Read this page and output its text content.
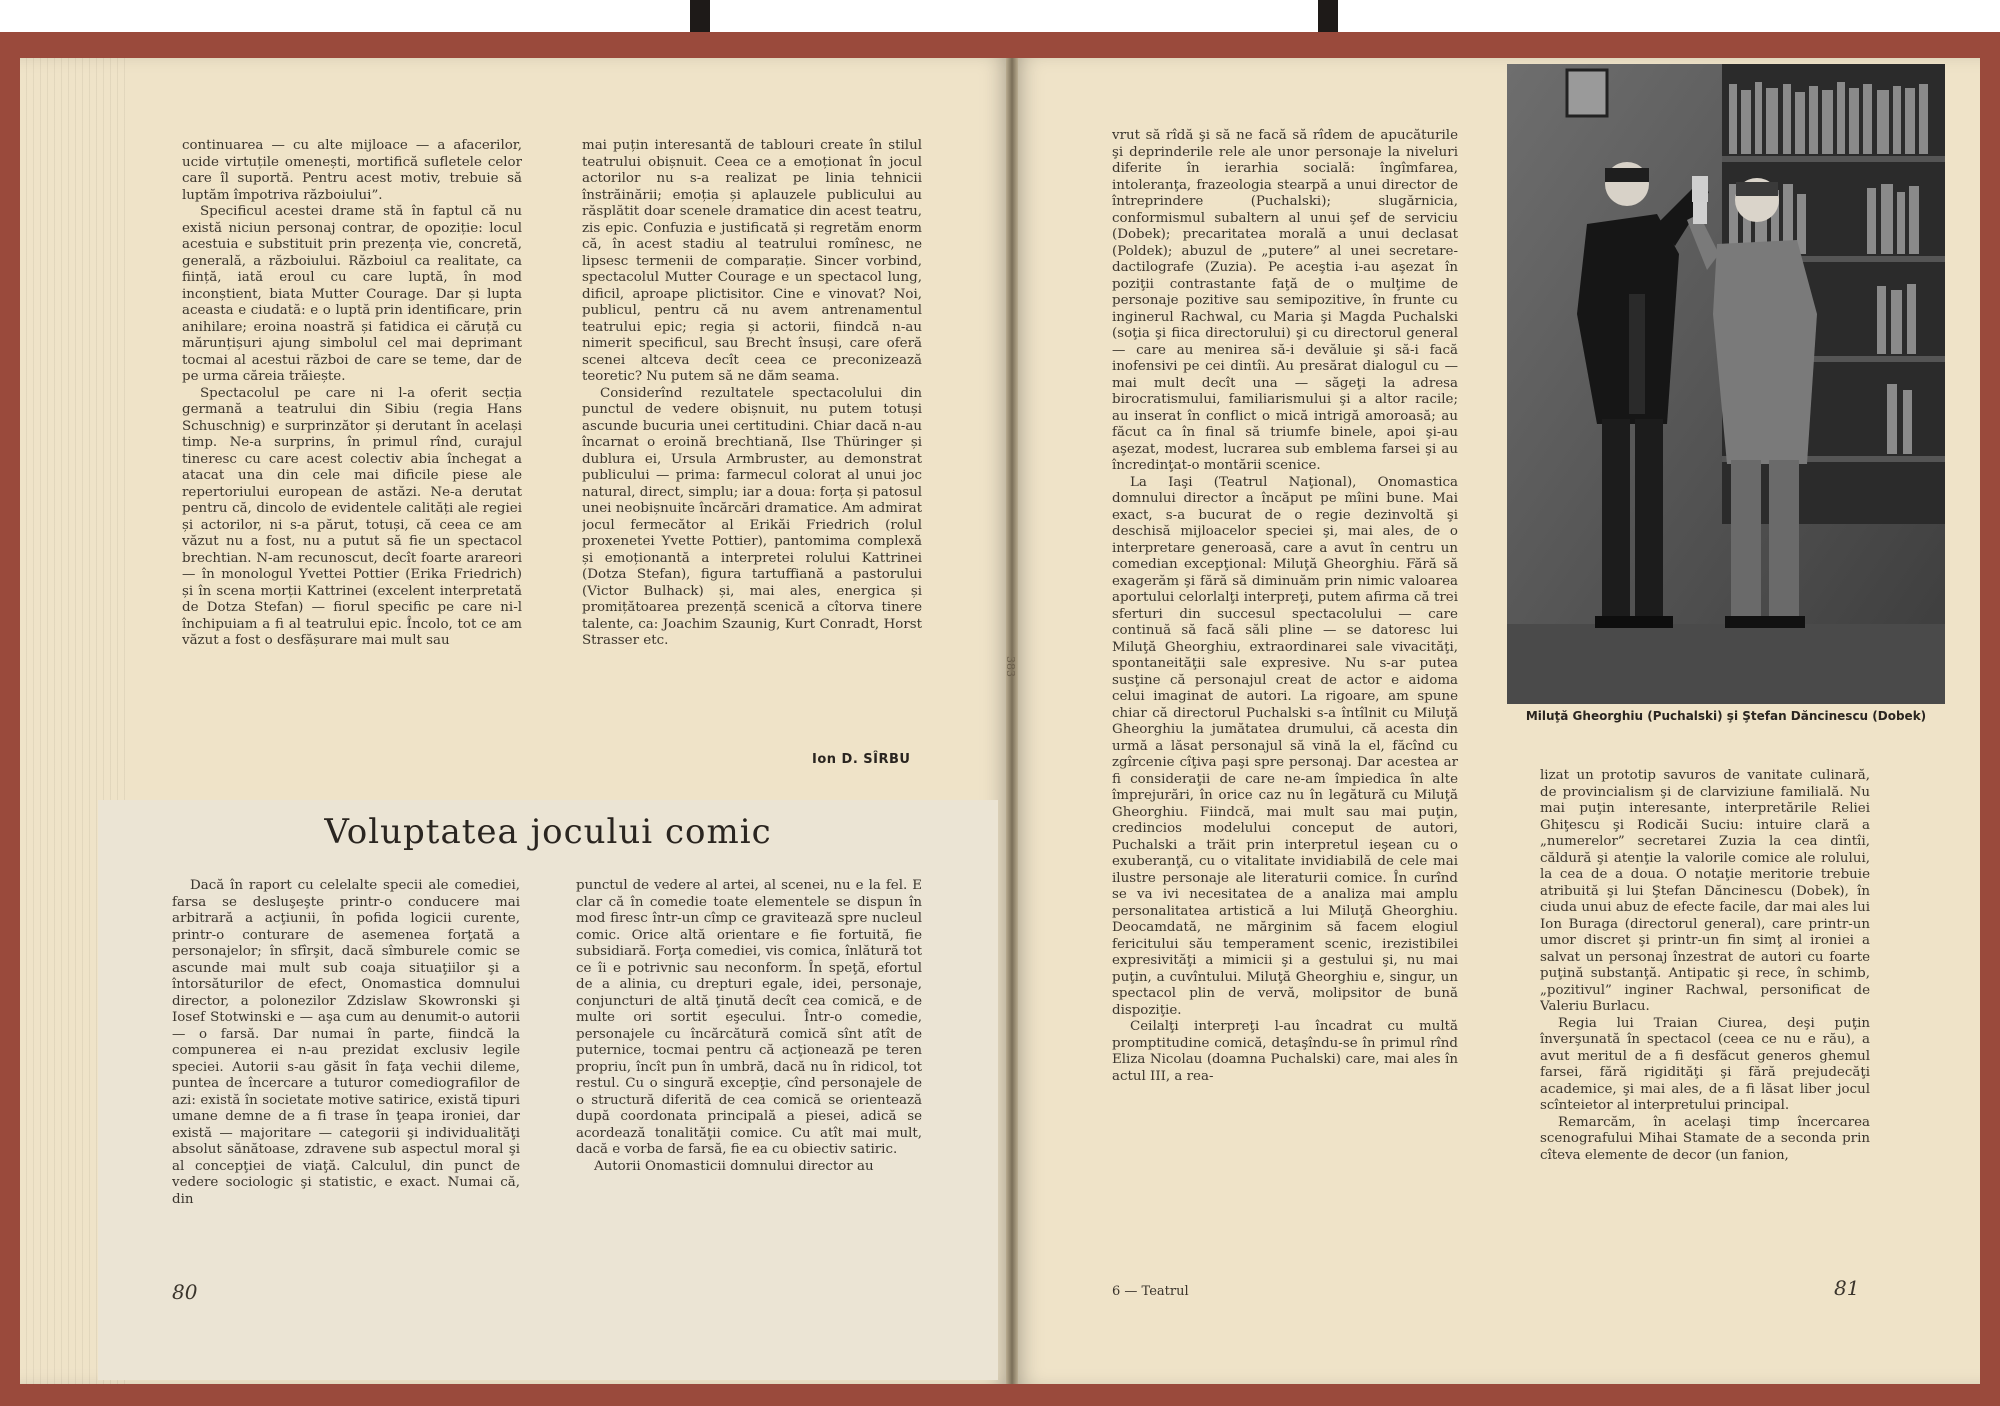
383

continuarea — cu alte mijloace — a afacerilor, ucide virtuțile omenești, mortifică sufletele celor care îl suportă. Pentru acest motiv, trebuie să luptăm împotriva războiului”.

Specificul acestei drame stă în faptul că nu există niciun personaj contrar, de opoziție: locul acestuia e substituit prin prezența vie, concretă, generală, a războiului. Războiul ca realitate, ca ființă, iată eroul cu care luptă, în mod inconștient, biata Mutter Courage. Dar și lupta aceasta e ciudată: e o luptă prin identificare, prin anihilare; eroina noastră și fatidica ei căruță cu mărunțișuri ajung simbolul cel mai deprimant tocmai al acestui război de care se teme, dar de pe urma căreia trăiește.

Spectacolul pe care ni l-a oferit secția germană a teatrului din Sibiu (regia Hans Schuschnig) e surprinzător și derutant în același timp. Ne-a surprins, în primul rînd, curajul tineresc cu care acest colectiv abia închegat a atacat una din cele mai dificile piese ale repertoriului european de astăzi. Ne-a derutat pentru că, dincolo de evidentele calități ale regiei și actorilor, ni s-a părut, totuși, că ceea ce am văzut nu a fost, nu a putut să fie un spectacol brechtian. N-am recunoscut, decît foarte arareori — în monologul Yvettei Pottier (Erika Friedrich) și în scena morții Kattrinei (excelent interpretată de Dotza Stefan) — fiorul specific pe care ni-l închipuiam a fi al teatrului epic. Încolo, tot ce am văzut a fost o desfășurare mai mult sau

mai puțin interesantă de tablouri create în stilul teatrului obișnuit. Ceea ce a emoționat în jocul actorilor nu s-a realizat pe linia tehnicii înstrăinării; emoția și aplauzele publicului au răsplătit doar scenele dramatice din acest teatru, zis epic. Confuzia e justificată și regretăm enorm că, în acest stadiu al teatrului romînesc, ne lipsesc termenii de comparație. Sincer vorbind, spectacolul Mutter Courage e un spectacol lung, dificil, aproape plictisitor. Cine e vinovat? Noi, publicul, pentru că nu avem antrenamentul teatrului epic; regia și actorii, fiindcă n-au nimerit specificul, sau Brecht însuși, care oferă scenei altceva decît ceea ce preconizează teoretic? Nu putem să ne dăm seama.

Considerînd rezultatele spectacolului din punctul de vedere obișnuit, nu putem totuși ascunde bucuria unei certitudini. Chiar dacă n-au încarnat o eroină brechtiană, Ilse Thüringer și dublura ei, Ursula Armbruster, au demonstrat publicului — prima: farmecul colorat al unui joc natural, direct, simplu; iar a doua: forța și patosul unei neobișnuite încărcări dramatice. Am admirat jocul fermecător al Erikăi Friedrich (rolul proxenetei Yvette Pottier), pantomima complexă și emoționantă a interpretei rolului Kattrinei (Dotza Stefan), figura tartuffiană a pastorului (Victor Bulhack) și, mai ales, energica și promițătoarea prezență scenică a cîtorva tinere talente, ca: Joachim Szaunig, Kurt Conradt, Horst Strasser etc.

Ion D. SÎRBU
Voluptatea jocului comic

Dacă în raport cu celelalte specii ale comediei, farsa se desluşeşte printr-o conducere mai arbitrară a acţiunii, în pofida logicii curente, printr-o conturare de asemenea forţată a personajelor; în sfîrşit, dacă sîmburele comic se ascunde mai mult sub coaja situaţiilor şi a întorsăturilor de efect, Onomastica domnului director, a polonezilor Zdzislaw Skowronski şi Iosef Stotwinski e — aşa cum au denumit-o autorii — o farsă. Dar numai în parte, fiindcă la compunerea ei n-au prezidat exclusiv legile speciei. Autorii s-au găsit în faţa vechii dileme, puntea de încercare a tuturor comediografilor de azi: există în societate motive satirice, există tipuri umane demne de a fi trase în ţeapa ironiei, dar există — majoritare — categorii şi individualităţi absolut sănătoase, zdravene sub aspectul moral şi al concepţiei de viaţă. Calculul, din punct de vedere sociologic şi statistic, e exact. Numai că, din

punctul de vedere al artei, al scenei, nu e la fel. E clar că în comedie toate elementele se dispun în mod firesc într-un cîmp ce gravitează spre nucleul comic. Orice altă orientare e fie fortuită, fie subsidiară. Forţa comediei, vis comica, înlătură tot ce îi e potrivnic sau neconform. În speţă, efortul de a alinia, cu drepturi egale, idei, personaje, conjuncturi de altă ţinută decît cea comică, e de multe ori sortit eşecului. Într-o comedie, personajele cu încărcătură comică sînt atît de puternice, tocmai pentru că acţionează pe teren propriu, încît pun în umbră, dacă nu în ridicol, tot restul. Cu o singură excepţie, cînd personajele de o structură diferită de cea comică se orientează după coordonata principală a piesei, adică se acordează tonalităţii comice. Cu atît mai mult, dacă e vorba de farsă, fie ea cu obiectiv satiric.

Autorii Onomasticii domnului director au

80

vrut să rîdă şi să ne facă să rîdem de apucăturile şi deprinderile rele ale unor personaje la niveluri diferite în ierarhia socială: îngîmfarea, intoleranţa, frazeologia stearpă a unui director de întreprindere (Puchalski); slugărnicia, conformismul subaltern al unui şef de serviciu (Dobek); precaritatea morală a unui declasat (Poldek); abuzul de „putere” al unei secretare-dactilografe (Zuzia). Pe aceştia i-au aşezat în poziţii contrastante faţă de o mulţime de personaje pozitive sau semipozitive, în frunte cu inginerul Rachwal, cu Maria şi Magda Puchalski (soţia şi fiica directorului) şi cu directorul general — care au menirea să-i devăluie şi să-i facă inofensivi pe cei dintîi. Au presărat dialogul cu — mai mult decît una — săgeţi la adresa birocratismului, familiarismului şi a altor racile; au inserat în conflict o mică intrigă amoroasă; au făcut ca în final să triumfe binele, apoi şi-au aşezat, modest, lucrarea sub emblema farsei şi au încredinţat-o montării scenice.

La Iaşi (Teatrul Naţional), Onomastica domnului director a încăput pe mîini bune. Mai exact, s-a bucurat de o regie dezinvoltă şi deschisă mijloacelor speciei şi, mai ales, de o interpretare generoasă, care a avut în centru un comedian excepţional: Miluţă Gheorghiu. Fără să exagerăm şi fără să diminuăm prin nimic valoarea aportului celorlalţi interpreţi, putem afirma că trei sferturi din succesul spectacolului — care continuă să facă săli pline — se datoresc lui Miluţă Gheorghiu, extraordinarei sale vivacităţi, spontaneităţii sale expresive. Nu s-ar putea susţine că personajul creat de actor e aidoma celui imaginat de autori. La rigoare, am spune chiar că directorul Puchalski s-a întîlnit cu Miluţă Gheorghiu la jumătatea drumului, că acesta din urmă a lăsat personajul să vină la el, făcînd cu zgîrcenie cîţiva paşi spre personaj. Dar acestea ar fi consideraţii de care ne-am împiedica în alte împrejurări, în orice caz nu în legătură cu Miluţă Gheorghiu. Fiindcă, mai mult sau mai puţin, credincios modelului conceput de autori, Puchalski a trăit prin interpretul ieşean cu o exuberanţă, cu o vitalitate invidiabilă de cele mai ilustre personaje ale literaturii comice. În curînd se va ivi necesitatea de a analiza mai amplu personalitatea artistică a lui Miluţă Gheorghiu. Deocamdată, ne mărginim să facem elogiul fericitului său temperament scenic, irezistibilei expresivităţi a mimicii şi a gestului şi, nu mai puţin, a cuvîntului. Miluţă Gheorghiu e, singur, un spectacol plin de vervă, molipsitor de bună dispoziţie.

Ceilalţi interpreţi l-au încadrat cu multă promptitudine comică, detaşîndu-se în primul rînd Eliza Nicolau (doamna Puchalski) care, mai ales în actul III, a rea-

Miluţă Gheorghiu (Puchalski) şi Ştefan Dăncinescu (Dobek)

lizat un prototip savuros de vanitate culinară, de provincialism şi de clarviziune familială. Nu mai puţin interesante, interpretările Reliei Ghiţescu şi Rodicăi Suciu: intuire clară a „numerelor” secretarei Zuzia la cea dintîi, căldură şi atenţie la valorile comice ale rolului, la cea de a doua. O notaţie meritorie trebuie atribuită şi lui Ştefan Dăncinescu (Dobek), în ciuda unui abuz de efecte facile, dar mai ales lui Ion Buraga (directorul general), care printr-un umor discret şi printr-un fin simţ al ironiei a salvat un personaj înzestrat de autori cu foarte puţină substanţă. Antipatic şi rece, în schimb, „pozitivul” inginer Rachwal, personificat de Valeriu Burlacu.

Regia lui Traian Ciurea, deşi puţin înverşunată în spectacol (ceea ce nu e rău), a avut meritul de a fi desfăcut generos ghemul farsei, fără rigidităţi şi fără prejudecăţi academice, şi mai ales, de a fi lăsat liber jocul scînteietor al interpretului principal.

Remarcăm, în acelaşi timp încercarea scenografului Mihai Stamate de a seconda prin cîteva elemente de decor (un fanion,

6 — Teatrul	81
